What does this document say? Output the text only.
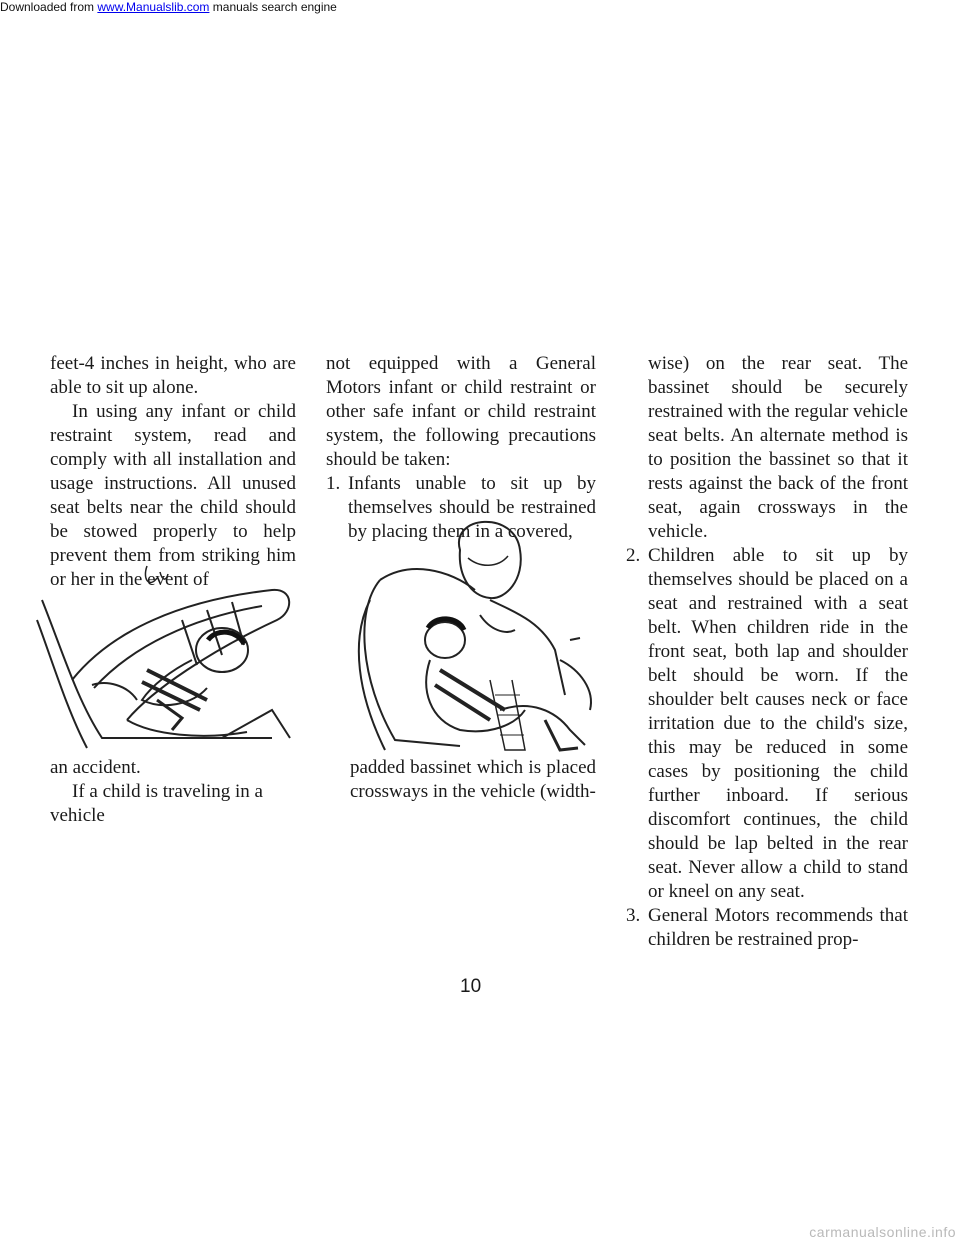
Downloaded from www.Manualslib.com manuals search engine

feet-4 inches in height, who are able to sit up alone.

In using any infant or child restraint system, read and comply with all installation and usage instructions. All unused seat belts near the child should be stowed properly to help prevent them from striking him or her in the event of

an accident.

If a child is traveling in a vehicle

not equipped with a General Motors infant or child restraint or other safe infant or child restraint system, the following precautions should be taken:

1. Infants unable to sit up by themselves should be restrained by placing them in a covered,

padded bassinet which is placed crossways in the vehicle (width-

wise) on the rear seat. The bassinet should be securely restrained with the regular vehicle seat belts. An alternate method is to position the bassinet so that it rests against the back of the front seat, again crossways in the vehicle.

2. Children able to sit up by themselves should be placed on a seat and restrained with a seat belt. When children ride in the front seat, both lap and shoulder belt should be worn. If the shoulder belt causes neck or face irritation due to the child's size, this may be reduced in some cases by positioning the child further inboard. If serious discomfort continues, the child should be lap belted in the rear seat. Never allow a child to stand or kneel on any seat.
3. General Motors recommends that children be restrained prop-
10
carmanualsonline.info
